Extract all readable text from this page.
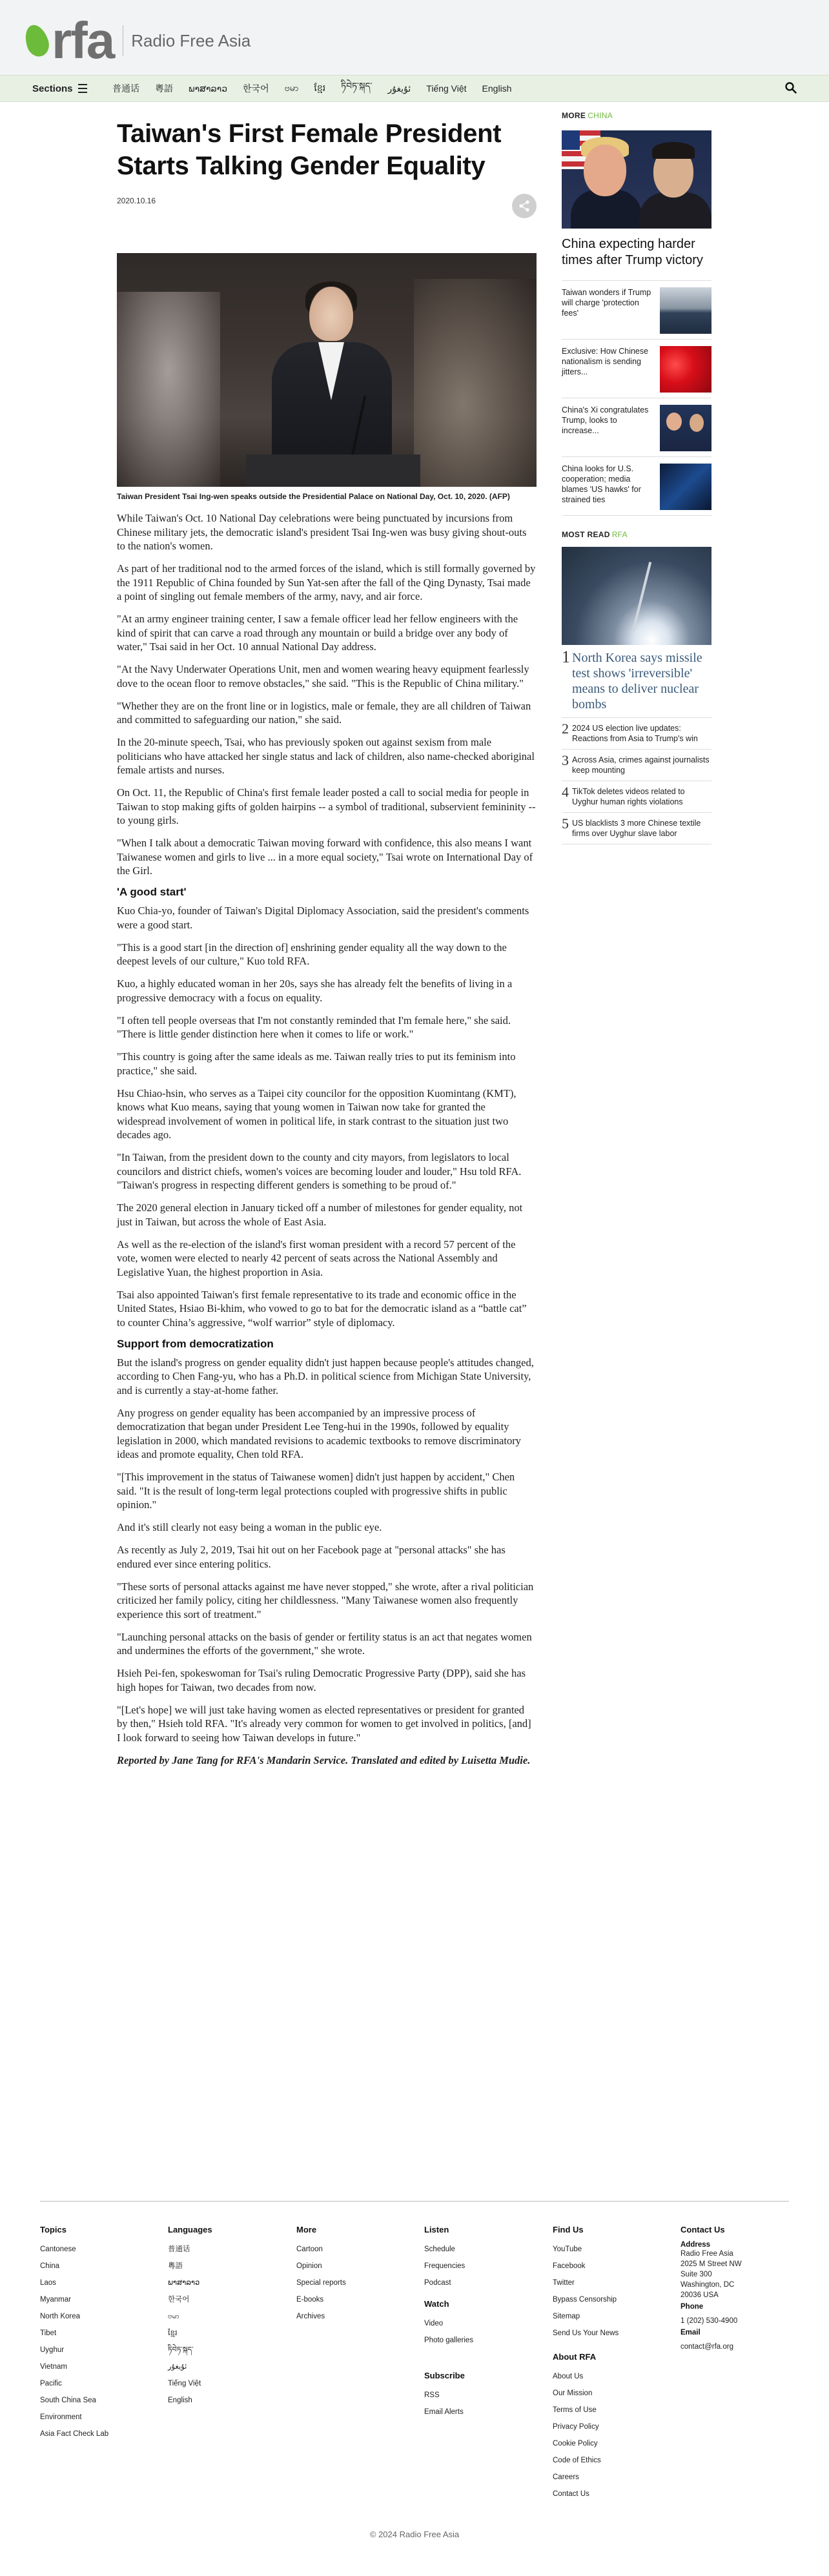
rfa Radio Free Asia
Sections	普通话 粵語 ພາສາລາວ 한국어 ဗမာ ខ្មែរ ཏིབེཏ་སྐད་ ئۇيغۇر Tiếng Việt English
Taiwan's First Female President Starts Talking Gender Equality
2020.10.16
Taiwan President Tsai Ing-wen speaks outside the Presidential Palace on National Day, Oct. 10, 2020. (AFP)

While Taiwan's Oct. 10 National Day celebrations were being punctuated by incursions from Chinese military jets, the democratic island's president Tsai Ing-wen was busy giving shout-outs to the nation's women.

As part of her traditional nod to the armed forces of the island, which is still formally governed by the 1911 Republic of China founded by Sun Yat-sen after the fall of the Qing Dynasty, Tsai made a point of singling out female members of the army, navy, and air force.

"At an army engineer training center, I saw a female officer lead her fellow engineers with the kind of spirit that can carve a road through any mountain or build a bridge over any body of water," Tsai said in her Oct. 10 annual National Day address.

"At the Navy Underwater Operations Unit, men and women wearing heavy equipment fearlessly dove to the ocean floor to remove obstacles," she said. "This is the Republic of China military."

"Whether they are on the front line or in logistics, male or female, they are all children of Taiwan and committed to safeguarding our nation," she said.

In the 20-minute speech, Tsai, who has previously spoken out against sexism from male politicians who have attacked her single status and lack of children, also name-checked aboriginal female artists and nurses.

On Oct. 11, the Republic of China's first female leader posted a call to social media for people in Taiwan to stop making gifts of golden hairpins -- a symbol of traditional, subservient femininity -- to young girls.

"When I talk about a democratic Taiwan moving forward with confidence, this also means I want Taiwanese women and girls to live ... in a more equal society," Tsai wrote on International Day of the Girl.

'A good start'

Kuo Chia-yo, founder of Taiwan's Digital Diplomacy Association, said the president's comments were a good start.

"This is a good start [in the direction of] enshrining gender equality all the way down to the deepest levels of our culture," Kuo told RFA.

Kuo, a highly educated woman in her 20s, says she has already felt the benefits of living in a progressive democracy with a focus on equality.

"I often tell people overseas that I'm not constantly reminded that I'm female here," she said. "There is little gender distinction here when it comes to life or work."

"This country is going after the same ideals as me. Taiwan really tries to put its feminism into practice," she said.

Hsu Chiao-hsin, who serves as a Taipei city councilor for the opposition Kuomintang (KMT), knows what Kuo means, saying that young women in Taiwan now take for granted the widespread involvement of women in political life, in stark contrast to the situation just two decades ago.

"In Taiwan, from the president down to the county and city mayors, from legislators to local councilors and district chiefs, women's voices are becoming louder and louder," Hsu told RFA. "Taiwan's progress in respecting different genders is something to be proud of."

The 2020 general election in January ticked off a number of milestones for gender equality, not just in Taiwan, but across the whole of East Asia.

As well as the re-election of the island's first woman president with a record 57 percent of the vote, women were elected to nearly 42 percent of seats across the National Assembly and Legislative Yuan, the highest proportion in Asia.

Tsai also appointed Taiwan's first female representative to its trade and economic office in the United States, Hsiao Bi-khim, who vowed to go to bat for the democratic island as a “battle cat” to counter China’s aggressive, “wolf warrior” style of diplomacy.

Support from democratization

But the island's progress on gender equality didn't just happen because people's attitudes changed, according to Chen Fang-yu, who has a Ph.D. in political science from Michigan State University, and is currently a stay-at-home father.

Any progress on gender equality has been accompanied by an impressive process of democratization that began under President Lee Teng-hui in the 1990s, followed by equality legislation in 2000, which mandated revisions to academic textbooks to remove discriminatory ideas and promote equality, Chen told RFA.

"[This improvement in the status of Taiwanese women] didn't just happen by accident," Chen said. "It is the result of long-term legal protections coupled with progressive shifts in public opinion."

And it's still clearly not easy being a woman in the public eye.

As recently as July 2, 2019, Tsai hit out on her Facebook page at "personal attacks" she has endured ever since entering politics.

"These sorts of personal attacks against me have never stopped," she wrote, after a rival politician criticized her family policy, citing her childlessness. "Many Taiwanese women also frequently experience this sort of treatment."

"Launching personal attacks on the basis of gender or fertility status is an act that negates women and undermines the efforts of the government," she wrote.

Hsieh Pei-fen, spokeswoman for Tsai's ruling Democratic Progressive Party (DPP), said she has high hopes for Taiwan, two decades from now.

"[Let's hope] we will just take having women as elected representatives or president for granted by then," Hsieh told RFA. "It's already very common for women to get involved in politics, [and] I look forward to seeing how Taiwan develops in future."

Reported by Jane Tang for RFA's Mandarin Service. Translated and edited by Luisetta Mudie.

MORE CHINA
China expecting harder times after Trump victory
Taiwan wonders if Trump will charge 'protection fees'
Exclusive: How Chinese nationalism is sending jitters...
China's Xi congratulates Trump, looks to increase...
China looks for U.S. cooperation; media blames 'US hawks' for strained ties
MOST READ RFA
1 North Korea says missile test shows 'irreversible' means to deliver nuclear bombs
2 2024 US election live updates: Reactions from Asia to Trump's win
3 Across Asia, crimes against journalists keep mounting
4 TikTok deletes videos related to Uyghur human rights violations
5 US blacklists 3 more Chinese textile firms over Uyghur slave labor
Topics
Cantonese
China
Laos
Myanmar
North Korea
Tibet
Uyghur
Vietnam
Pacific
South China Sea
Environment
Asia Fact Check Lab
Languages
普通话
粵語
ພາສາລາວ
한국어
ဗမာ
ខ្មែរ
ཏིབེཏ་སྐད་
ئۇيغۇر
Tiếng Việt
English
More
Cartoon
Opinion
Special reports
E-books
Archives
Listen
Schedule
Frequencies
Podcast
Watch
Video
Photo galleries
Subscribe
RSS
Email Alerts
Find Us
YouTube
Facebook
Twitter
Bypass Censorship
Sitemap
Send Us Your News
About RFA
About Us
Our Mission
Terms of Use
Privacy Policy
Cookie Policy
Code of Ethics
Careers
Contact Us
Contact Us
Address
Radio Free Asia
2025 M Street NW
Suite 300
Washington, DC
20036 USA
Phone
1 (202) 530-4900
Email
contact@rfa.org
© 2024 Radio Free Asia
